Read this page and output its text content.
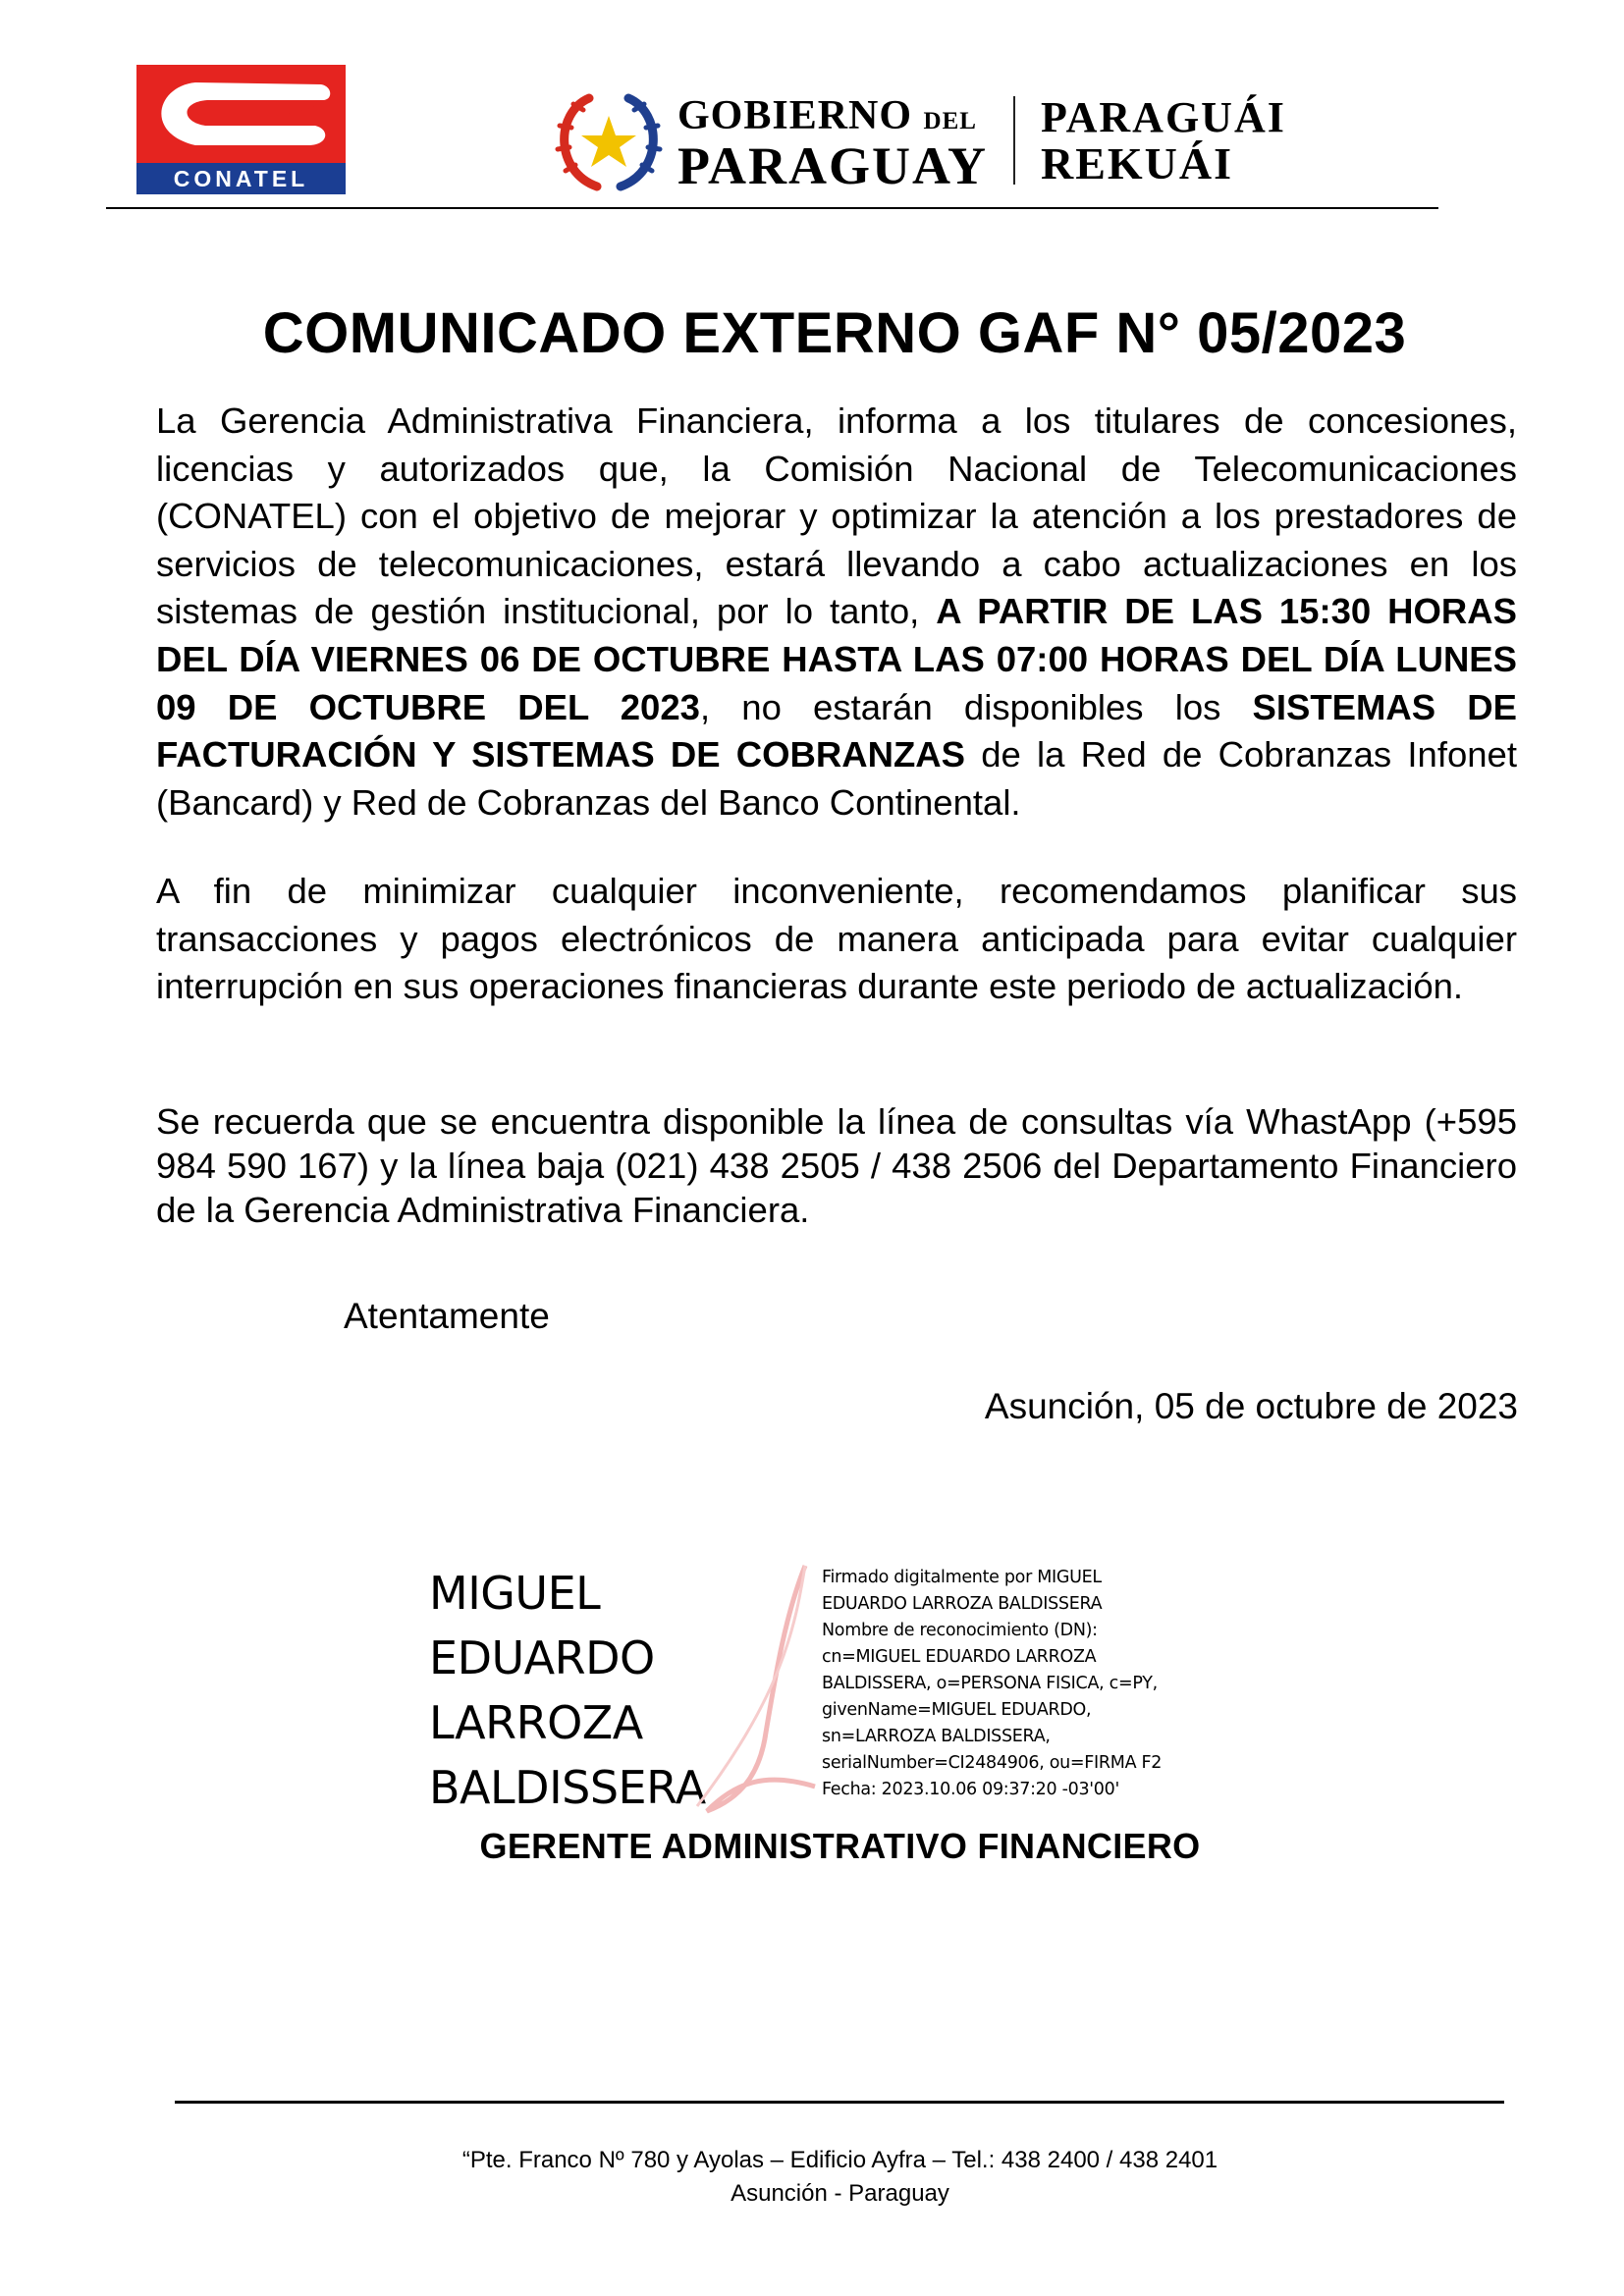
CONATEL
GOBIERNO DEL
PARAGUAY
PARAGUÁI
REKUÁI
COMUNICADO EXTERNO GAF N° 05/2023
La Gerencia Administrativa Financiera, informa a los titulares de concesiones, licencias y autorizados que, la Comisión Nacional de Telecomunicaciones (CONATEL) con el objetivo de mejorar y optimizar la atención a los prestadores de servicios de telecomunicaciones, estará llevando a cabo actualizaciones en los sistemas de gestión institucional, por lo tanto, A PARTIR DE LAS 15:30 HORAS DEL DÍA VIERNES 06 DE OCTUBRE HASTA LAS 07:00 HORAS DEL DÍA LUNES 09 DE OCTUBRE DEL 2023, no estarán disponibles los SISTEMAS DE FACTURACIÓN Y SISTEMAS DE COBRANZAS de la Red de Cobranzas Infonet (Bancard) y Red de Cobranzas del Banco Continental.
A fin de minimizar cualquier inconveniente, recomendamos planificar sus transacciones y pagos electrónicos de manera anticipada para evitar cualquier interrupción en sus operaciones financieras durante este periodo de actualización.
Se recuerda que se encuentra disponible la línea de consultas vía WhastApp (+595 984 590 167) y la línea baja (021) 438 2505 / 438 2506 del Departamento Financiero de la Gerencia Administrativa Financiera.
Atentamente
Asunción, 05 de octubre de 2023
MIGUEL
EDUARDO
LARROZA
BALDISSERA
Firmado digitalmente por MIGUEL
EDUARDO LARROZA BALDISSERA
Nombre de reconocimiento (DN):
cn=MIGUEL EDUARDO LARROZA
BALDISSERA, o=PERSONA FISICA, c=PY,
givenName=MIGUEL EDUARDO,
sn=LARROZA BALDISSERA,
serialNumber=CI2484906, ou=FIRMA F2
Fecha: 2023.10.06 09:37:20 -03'00'
GERENTE ADMINISTRATIVO FINANCIERO
“Pte. Franco Nº 780 y Ayolas – Edificio Ayfra – Tel.: 438 2400 / 438 2401
Asunción - Paraguay
